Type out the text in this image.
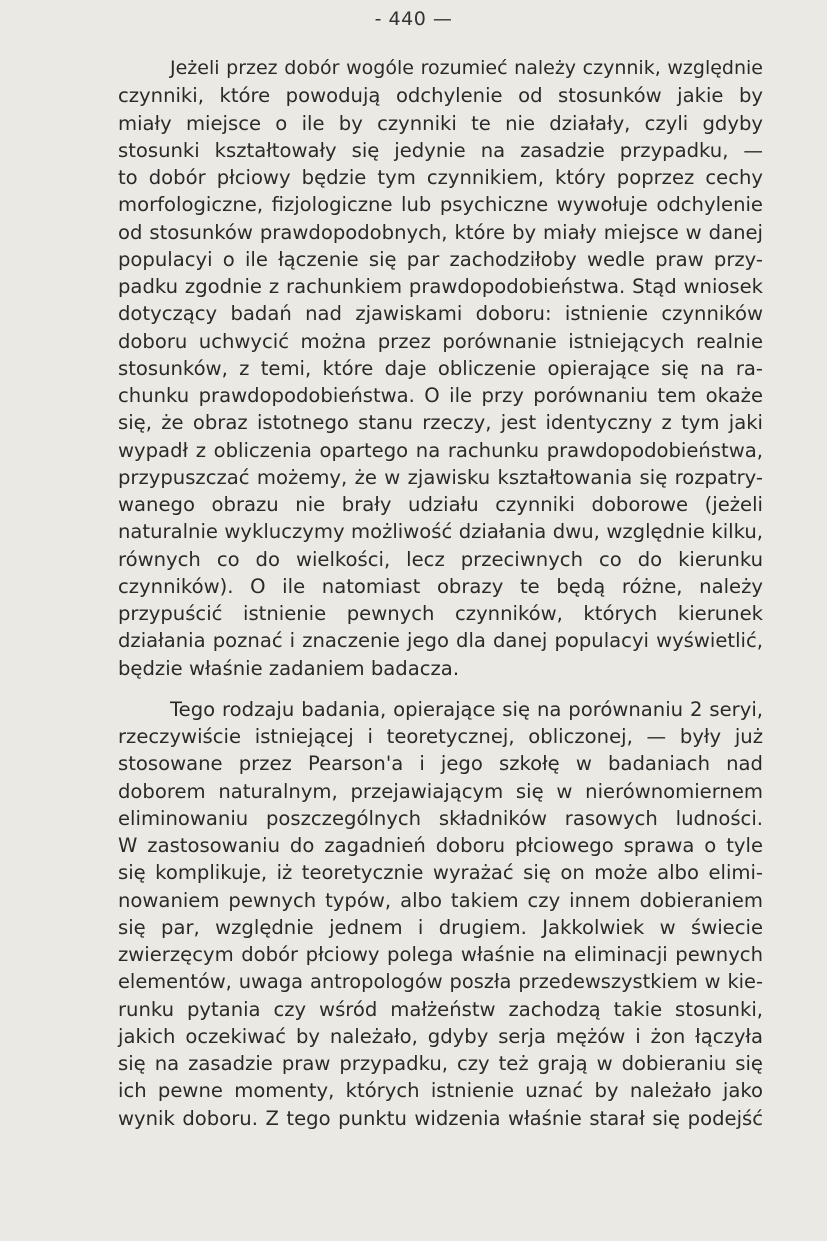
- 440 —
Jeżeli przez dobór wogóle rozumieć należy czynnik, względnie
czynniki, które powodują odchylenie od stosunków jakie by
miały miejsce o ile by czynniki te nie działały, czyli gdyby
stosunki kształtowały się jedynie na zasadzie przypadku, —
to dobór płciowy będzie tym czynnikiem, który poprzez cechy
morfologiczne, fizjologiczne lub psychiczne wywołuje odchylenie
od stosunków prawdopodobnych, które by miały miejsce w danej
populacyi o ile łączenie się par zachodziłoby wedle praw przy-
padku zgodnie z rachunkiem prawdopodobieństwa. Stąd wniosek
dotyczący badań nad zjawiskami doboru: istnienie czynników
doboru uchwycić można przez porównanie istniejących realnie
stosunków, z temi, które daje obliczenie opierające się na ra-
chunku prawdopodobieństwa. O ile przy porównaniu tem okaże
się, że obraz istotnego stanu rzeczy, jest identyczny z tym jaki
wypadł z obliczenia opartego na rachunku prawdopodobieństwa,
przypuszczać możemy, że w zjawisku kształtowania się rozpatry-
wanego obrazu nie brały udziału czynniki doborowe (jeżeli
naturalnie wykluczymy możliwość działania dwu, względnie kilku,
równych co do wielkości, lecz przeciwnych co do kierunku
czynników). O ile natomiast obrazy te będą różne, należy
przypuścić istnienie pewnych czynników, których kierunek
działania poznać i znaczenie jego dla danej populacyi wyświetlić,
będzie właśnie zadaniem badacza.
Tego rodzaju badania, opierające się na porównaniu 2 seryi,
rzeczywiście istniejącej i teoretycznej, obliczonej, — były już
stosowane przez Pearson'a i jego szkołę w badaniach nad
doborem naturalnym, przejawiającym się w nierównomiernem
eliminowaniu poszczególnych składników rasowych ludności.
W zastosowaniu do zagadnień doboru płciowego sprawa o tyle
się komplikuje, iż teoretycznie wyrażać się on może albo elimi-
nowaniem pewnych typów, albo takiem czy innem dobieraniem
się par, względnie jednem i drugiem. Jakkolwiek w świecie
zwierzęcym dobór płciowy polega właśnie na eliminacji pewnych
elementów, uwaga antropologów poszła przedewszystkiem w kie-
runku pytania czy wśród małżeństw zachodzą takie stosunki,
jakich oczekiwać by należało, gdyby serja mężów i żon łączyła
się na zasadzie praw przypadku, czy też grają w dobieraniu się
ich pewne momenty, których istnienie uznać by należało jako
wynik doboru. Z tego punktu widzenia właśnie starał się podejść
